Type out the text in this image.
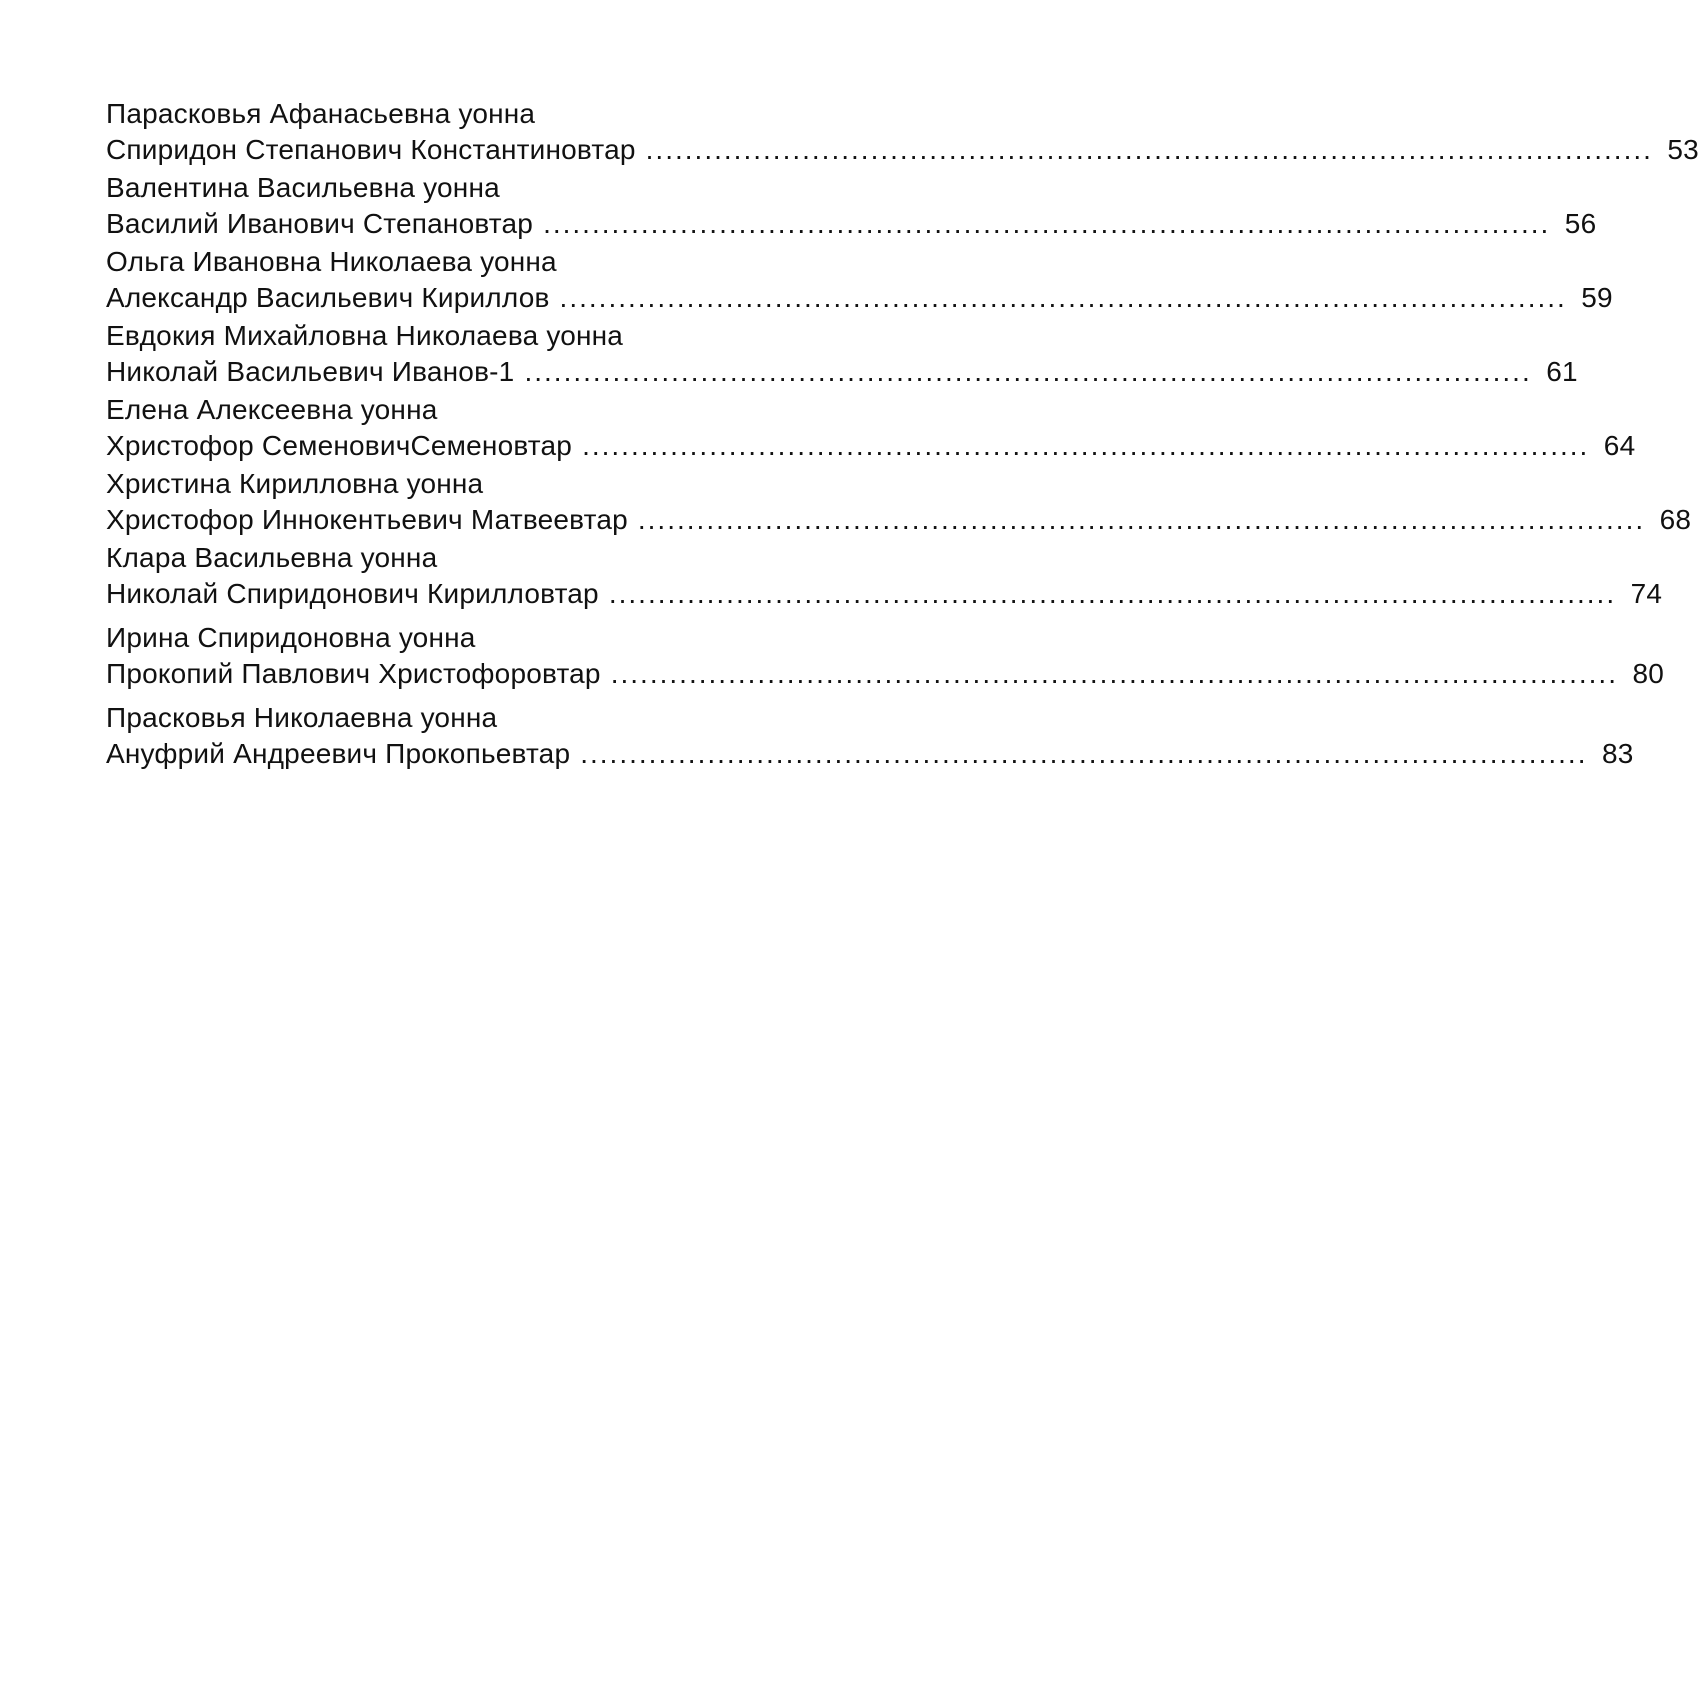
Парасковья Афанасьевна уонна
Спиридон Степанович Константиновтар ....................................................................................................... 53
Валентина Васильевна уонна
Василий Иванович Степановтар ....................................................................................................... 56
Ольга Ивановна Николаева уонна
Александр Васильевич Кириллов ....................................................................................................... 59
Евдокия Михайловна Николаева уонна
Николай Васильевич Иванов-1 ....................................................................................................... 61
Елена Алексеевна уонна
Христофор СеменовичСеменовтар ....................................................................................................... 64
Христина Кирилловна уонна
Христофор Иннокентьевич Матвеевтар ....................................................................................................... 68
Клара Васильевна уонна
Николай Спиридонович Кирилловтар ....................................................................................................... 74
Ирина Спиридоновна уонна
Прокопий Павлович Христофоровтар ....................................................................................................... 80
Прасковья Николаевна уонна
Ануфрий Андреевич Прокопьевтар ....................................................................................................... 83
